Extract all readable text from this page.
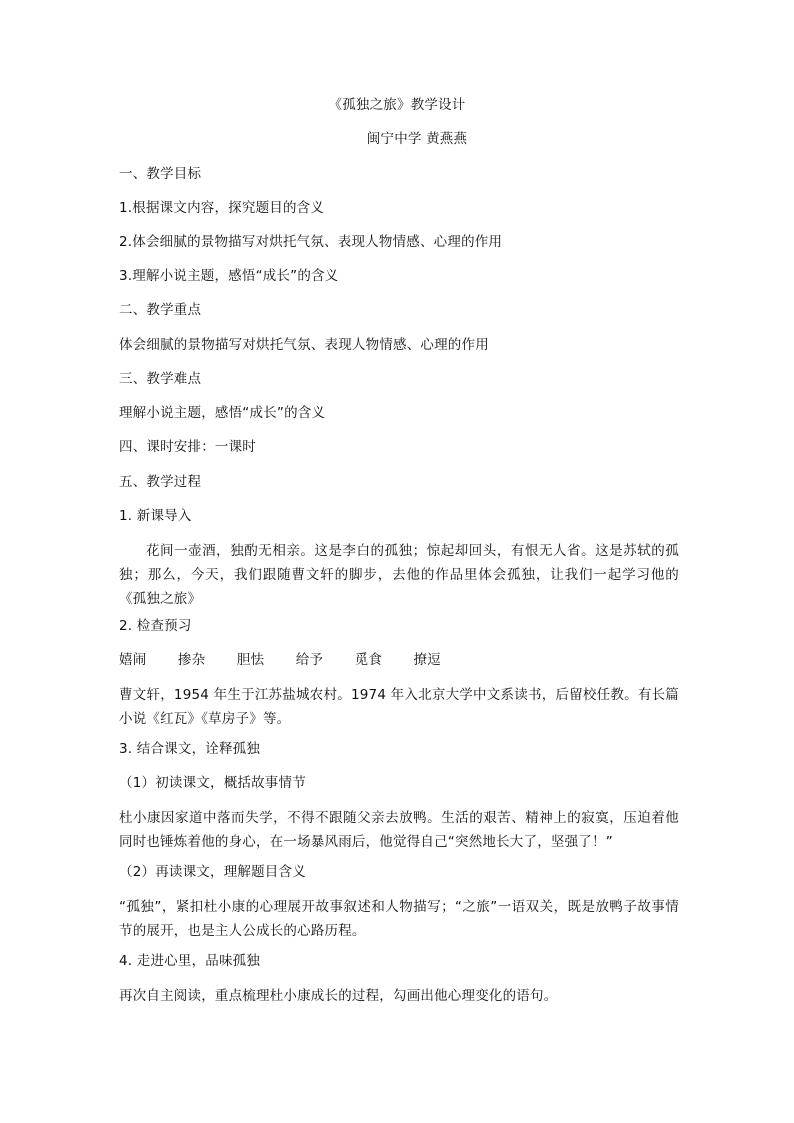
《孤独之旅》教学设计
闽宁中学 黄燕燕
一、教学目标
1.根据课文内容，探究题目的含义
2.体会细腻的景物描写对烘托气氛、表现人物情感、心理的作用
3.理解小说主题，感悟“成长”的含义
二、教学重点
体会细腻的景物描写对烘托气氛、表现人物情感、心理的作用
三、教学难点
理解小说主题，感悟“成长”的含义
四、课时安排：一课时
五、教学过程
1. 新课导入
花间一壶酒，独酌无相亲。这是李白的孤独；惊起却回头，有恨无人省。这是苏轼的孤独；那么，今天，我们跟随曹文轩的脚步，去他的作品里体会孤独，让我们一起学习他的《孤独之旅》
2. 检查预习
嬉闹 掺杂 胆怯 给予 觅食 撩逗
曹文轩，1954 年生于江苏盐城农村。1974 年入北京大学中文系读书，后留校任教。有长篇小说《红瓦》《草房子》等。
3. 结合课文，诠释孤独
（1）初读课文，概括故事情节
杜小康因家道中落而失学，不得不跟随父亲去放鸭。生活的艰苦、精神上的寂寞，压迫着他同时也锤炼着他的身心，在一场暴风雨后，他觉得自己“突然地长大了，坚强了！”
（2）再读课文，理解题目含义
“孤独”，紧扣杜小康的心理展开故事叙述和人物描写；“之旅”一语双关，既是放鸭子故事情节的展开，也是主人公成长的心路历程。
4. 走进心里，品味孤独
再次自主阅读，重点梳理杜小康成长的过程，勾画出他心理变化的语句。
